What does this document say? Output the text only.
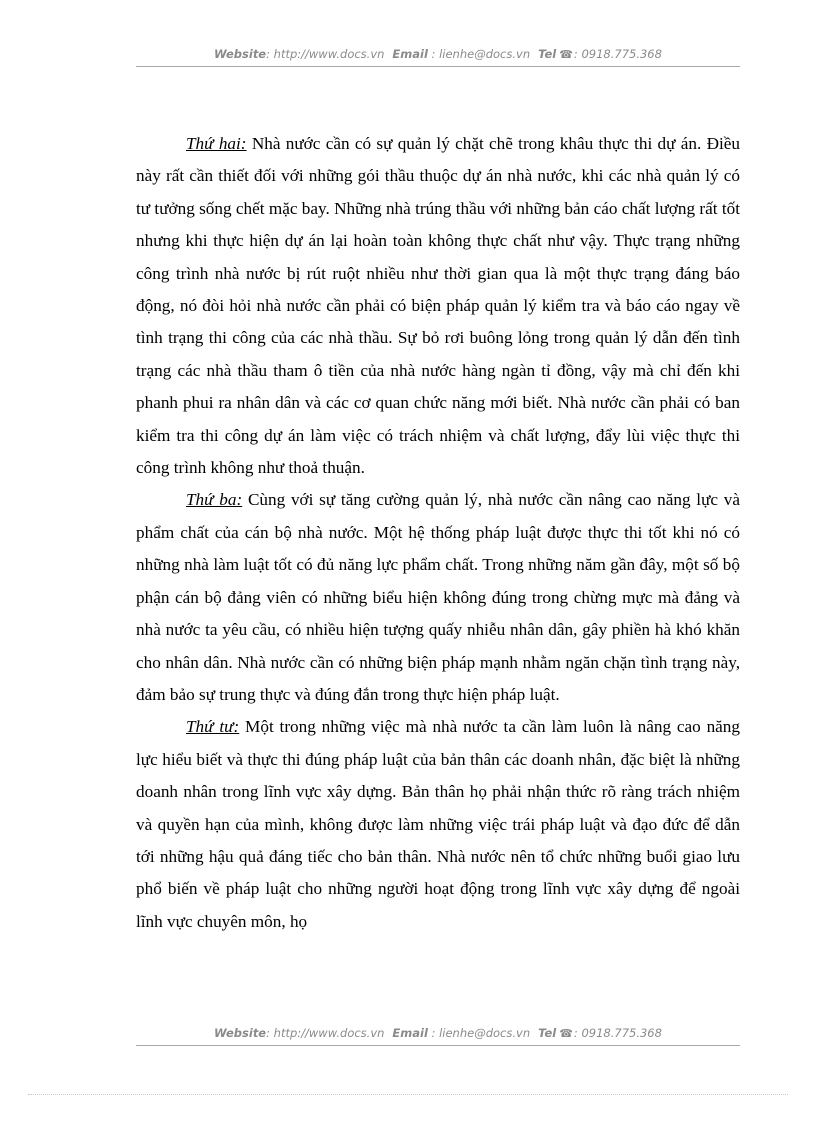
Website: http://www.docs.vn Email : lienhe@docs.vn Tel ☎: 0918.775.368

Thứ hai: Nhà nước cần có sự quản lý chặt chẽ trong khâu thực thi dự án. Điều này rất cần thiết đối với những gói thầu thuộc dự án nhà nước, khi các nhà quản lý có tư tưởng sống chết mặc bay. Những nhà trúng thầu với những bản cáo chất lượng rất tốt nhưng khi thực hiện dự án lại hoàn toàn không thực chất như vậy. Thực trạng những công trình nhà nước bị rút ruột nhiều như thời gian qua là một thực trạng đáng báo động, nó đòi hỏi nhà nước cần phải có biện pháp quản lý kiểm tra và báo cáo ngay về tình trạng thi công của các nhà thầu. Sự bỏ rơi buông lỏng trong quản lý dẫn đến tình trạng các nhà thầu tham ô tiền của nhà nước hàng ngàn tỉ đồng, vậy mà chỉ đến khi phanh phui ra nhân dân và các cơ quan chức năng mới biết. Nhà nước cần phải có ban kiểm tra thi công dự án làm việc có trách nhiệm và chất lượng, đẩy lùi việc thực thi công trình không như thoả thuận.

Thứ ba: Cùng với sự tăng cường quản lý, nhà nước cần nâng cao năng lực và phẩm chất của cán bộ nhà nước. Một hệ thống pháp luật được thực thi tốt khi nó có những nhà làm luật tốt có đủ năng lực phẩm chất. Trong những năm gần đây, một số bộ phận cán bộ đảng viên có những biểu hiện không đúng trong chừng mực mà đảng và nhà nước ta yêu cầu, có nhiều hiện tượng quấy nhiễu nhân dân, gây phiền hà khó khăn cho nhân dân. Nhà nước cần có những biện pháp mạnh nhằm ngăn chặn tình trạng này, đảm bảo sự trung thực và đúng đắn trong thực hiện pháp luật.

Thứ tư: Một trong những việc mà nhà nước ta cần làm luôn là nâng cao năng lực hiểu biết và thực thi đúng pháp luật của bản thân các doanh nhân, đặc biệt là những doanh nhân trong lĩnh vực xây dựng. Bản thân họ phải nhận thức rõ ràng trách nhiệm và quyền hạn của mình, không được làm những việc trái pháp luật và đạo đức để dẫn tới những hậu quả đáng tiếc cho bản thân. Nhà nước nên tổ chức những buổi giao lưu phổ biến về pháp luật cho những người hoạt động trong lĩnh vực xây dựng để ngoài lĩnh vực chuyên môn, họ

Website: http://www.docs.vn Email : lienhe@docs.vn Tel ☎: 0918.775.368
